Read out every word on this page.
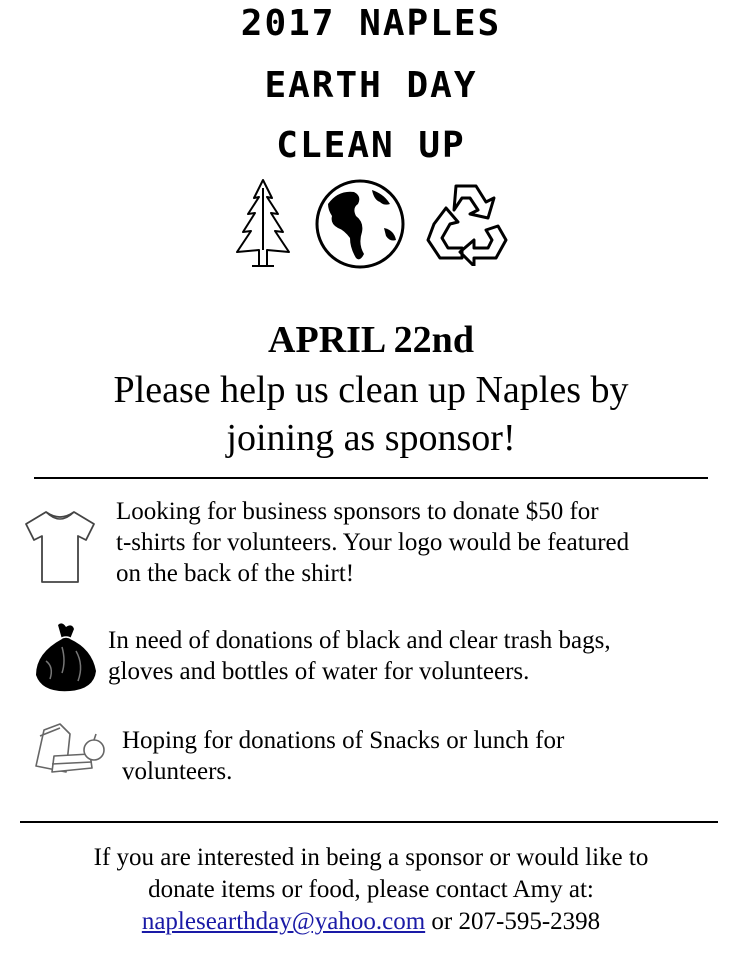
2017 NAPLES
EARTH DAY
CLEAN UP
APRIL 22nd
Please help us clean up Naples by
joining as sponsor!
Looking for business sponsors to donate $50 for
t-shirts for volunteers. Your logo would be featured
on the back of the shirt!
In need of donations of black and clear trash bags,
gloves and bottles of water for volunteers.
Hoping for donations of Snacks or lunch for
volunteers.
If you are interested in being a sponsor or would like to
donate items or food, please contact Amy at:
naplesearthday@yahoo.com or 207-595-2398
